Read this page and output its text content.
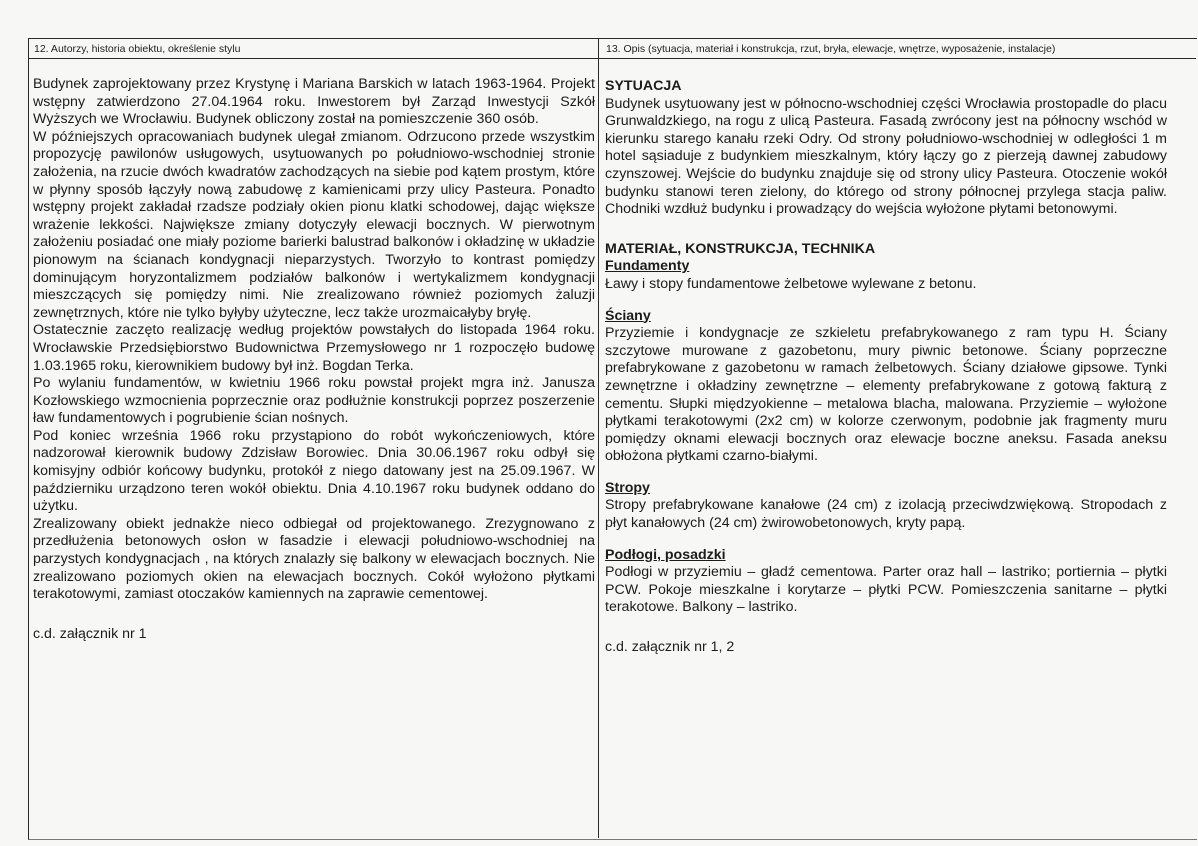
12. Autorzy, historia obiektu, określenie stylu	13. Opis (sytuacja, materiał i konstrukcja, rzut, bryła, elewacje, wnętrze, wyposażenie, instalacje)

Budynek zaprojektowany przez Krystynę i Mariana Barskich w latach 1963-1964. Projekt wstępny zatwierdzono 27.04.1964 roku. Inwestorem był Zarząd Inwestycji Szkół Wyższych we Wrocławiu. Budynek obliczony został na pomieszczenie 360 osób.

W późniejszych opracowaniach budynek ulegał zmianom. Odrzucono przede wszystkim propozycję pawilonów usługowych, usytuowanych po południowo-wschodniej stronie założenia, na rzucie dwóch kwadratów zachodzących na siebie pod kątem prostym, które w płynny sposób łączyły nową zabudowę z kamienicami przy ulicy Pasteura. Ponadto wstępny projekt zakładał rzadsze podziały okien pionu klatki schodowej, dając większe wrażenie lekkości. Największe zmiany dotyczyły elewacji bocznych. W pierwotnym założeniu posiadać one miały poziome barierki balustrad balkonów i okładzinę w układzie pionowym na ścianach kondygnacji nieparzystych. Tworzyło to kontrast pomiędzy dominującym horyzontalizmem podziałów balkonów i wertykalizmem kondygnacji mieszczących się pomiędzy nimi. Nie zrealizowano również poziomych żaluzji zewnętrznych, które nie tylko byłyby użyteczne, lecz także urozmaicałyby bryłę.

Ostatecznie zaczęto realizację według projektów powstałych do listopada 1964 roku. Wrocławskie Przedsiębiorstwo Budownictwa Przemysłowego nr 1 rozpoczęło budowę 1.03.1965 roku, kierownikiem budowy był inż. Bogdan Terka.

Po wylaniu fundamentów, w kwietniu 1966 roku powstał projekt mgra inż. Janusza Kozłowskiego wzmocnienia poprzecznie oraz podłużnie konstrukcji poprzez poszerzenie ław fundamentowych i pogrubienie ścian nośnych.

Pod koniec września 1966 roku przystąpiono do robót wykończeniowych, które nadzorował kierownik budowy Zdzisław Borowiec. Dnia 30.06.1967 roku odbył się komisyjny odbiór końcowy budynku, protokół z niego datowany jest na 25.09.1967. W październiku urządzono teren wokół obiektu. Dnia 4.10.1967 roku budynek oddano do użytku.

Zrealizowany obiekt jednakże nieco odbiegał od projektowanego. Zrezygnowano z przedłużenia betonowych osłon w fasadzie i elewacji południowo-wschodniej na parzystych kondygnacjach , na których znalazły się balkony w elewacjach bocznych. Nie zrealizowano poziomych okien na elewacjach bocznych. Cokół wyłożono płytkami terakotowymi, zamiast otoczaków kamiennych na zaprawie cementowej.

c.d. załącznik nr 1

SYTUACJA

Budynek usytuowany jest w północno-wschodniej części Wrocławia prostopadle do placu Grunwaldzkiego, na rogu z ulicą Pasteura. Fasadą zwrócony jest na północny wschód w kierunku starego kanału rzeki Odry. Od strony południowo-wschodniej w odległości 1 m hotel sąsiaduje z budynkiem mieszkalnym, który łączy go z pierzeją dawnej zabudowy czynszowej. Wejście do budynku znajduje się od strony ulicy Pasteura. Otoczenie wokół budynku stanowi teren zielony, do którego od strony północnej przylega stacja paliw. Chodniki wzdłuż budynku i prowadzący do wejścia wyłożone płytami betonowymi.

MATERIAŁ, KONSTRUKCJA, TECHNIKA

Fundamenty

Ławy i stopy fundamentowe żelbetowe wylewane z betonu.

Ściany

Przyziemie i kondygnacje ze szkieletu prefabrykowanego z ram typu H. Ściany szczytowe murowane z gazobetonu, mury piwnic betonowe. Ściany poprzeczne prefabrykowane z gazobetonu w ramach żelbetowych. Ściany działowe gipsowe. Tynki zewnętrzne i okładziny zewnętrzne – elementy prefabrykowane z gotową fakturą z cementu. Słupki międzyokienne – metalowa blacha, malowana. Przyziemie – wyłożone płytkami terakotowymi (2x2 cm) w kolorze czerwonym, podobnie jak fragmenty muru pomiędzy oknami elewacji bocznych oraz elewacje boczne aneksu. Fasada aneksu obłożona płytkami czarno-białymi.

Stropy

Stropy prefabrykowane kanałowe (24 cm) z izolacją przeciwdzwiękową. Stropodach z płyt kanałowych (24 cm) żwirowobetonowych, kryty papą.

Podłogi, posadzki

Podłogi w przyziemiu – gładź cementowa. Parter oraz hall – lastriko; portiernia – płytki PCW. Pokoje mieszkalne i korytarze – płytki PCW. Pomieszczenia sanitarne – płytki terakotowe. Balkony – lastriko.

c.d. załącznik nr 1, 2
